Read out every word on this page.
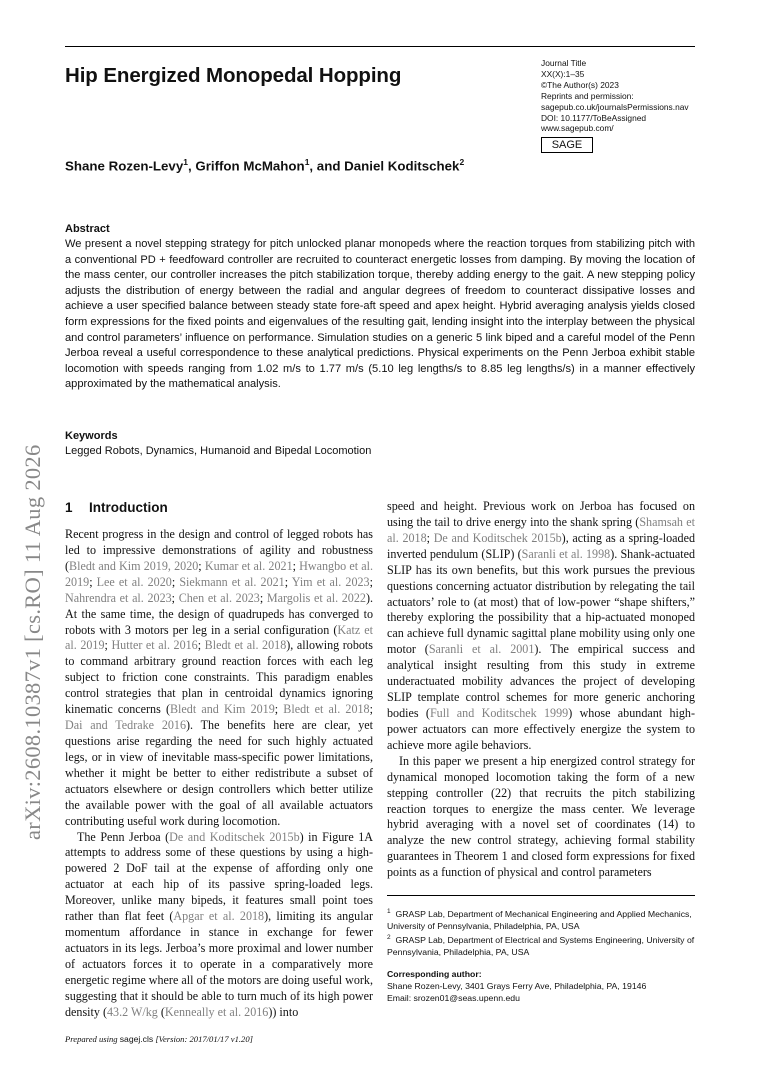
Hip Energized Monopedal Hopping
Journal Title
XX(X):1–35
©The Author(s) 2023
Reprints and permission:
sagepub.co.uk/journalsPermissions.nav
DOI: 10.1177/ToBeAssigned
www.sagepub.com/
SAGE
Shane Rozen-Levy$^1$, Griffon McMahon$^1$, and Daniel Koditschek$^2$
Abstract
We present a novel stepping strategy for pitch unlocked planar monopeds where the reaction torques from stabilizing pitch with a conventional PD + feedfoward controller are recruited to counteract energetic losses from damping. By moving the location of the mass center, our controller increases the pitch stabilization torque, thereby adding energy to the gait. A new stepping policy adjusts the distribution of energy between the radial and angular degrees of freedom to counteract dissipative losses and achieve a user specified balance between steady state fore-aft speed and apex height. Hybrid averaging analysis yields closed form expressions for the fixed points and eigenvalues of the resulting gait, lending insight into the interplay between the physical and control parameters’ influence on performance. Simulation studies on a generic 5 link biped and a careful model of the Penn Jerboa reveal a useful correspondence to these analytical predictions. Physical experiments on the Penn Jerboa exhibit stable locomotion with speeds ranging from 1.02 m/s to 1.77 m/s (5.10 leg lengths/s to 8.85 leg lengths/s) in a manner effectively approximated by the mathematical analysis.
Keywords
Legged Robots, Dynamics, Humanoid and Bipedal Locomotion
arXiv:2608.10387v1 [cs.RO] 11 Aug 2026 1 Introduction

Recent progress in the design and control of legged robots has led to impressive demonstrations of agility and robustness (Bledt and Kim 2019, 2020; Kumar et al. 2021; Hwangbo et al. 2019; Lee et al. 2020; Siekmann et al. 2021; Yim et al. 2023; Nahrendra et al. 2023; Chen et al. 2023; Margolis et al. 2022). At the same time, the design of quadrupeds has converged to robots with 3 motors per leg in a serial configuration (Katz et al. 2019; Hutter et al. 2016; Bledt et al. 2018), allowing robots to command arbitrary ground reaction forces with each leg subject to friction cone constraints. This paradigm enables control strategies that plan in centroidal dynamics ignoring kinematic concerns (Bledt and Kim 2019; Bledt et al. 2018; Dai and Tedrake 2016). The benefits here are clear, yet questions arise regarding the need for such highly actuated legs, or in view of inevitable mass-specific power limitations, whether it might be better to either redistribute a subset of actuators elsewhere or design controllers which better utilize the available power with the goal of all available actuators contributing useful work during locomotion.

The Penn Jerboa (De and Koditschek 2015b) in Figure 1A attempts to address some of these questions by using a high-powered 2 DoF tail at the expense of affording only one actuator at each hip of its passive spring-loaded legs. Moreover, unlike many bipeds, it features small point toes rather than flat feet (Apgar et al. 2018), limiting its angular momentum affordance in stance in exchange for fewer actuators in its legs. Jerboa’s more proximal and lower number of actuators forces it to operate in a comparatively more energetic regime where all of the motors are doing useful work, suggesting that it should be able to turn much of its high power density (43.2 W/kg (Kenneally et al. 2016)) into

speed and height. Previous work on Jerboa has focused on using the tail to drive energy into the shank spring (Shamsah et al. 2018; De and Koditschek 2015b), acting as a spring-loaded inverted pendulum (SLIP) (Saranli et al. 1998). Shank-actuated SLIP has its own benefits, but this work pursues the previous questions concerning actuator distribution by relegating the tail actuators’ role to (at most) that of low-power “shape shifters,” thereby exploring the possibility that a hip-actuated monoped can achieve full dynamic sagittal plane mobility using only one motor (Saranli et al. 2001). The empirical success and analytical insight resulting from this study in extreme underactuated mobility advances the project of developing SLIP template control schemes for more generic anchoring bodies (Full and Koditschek 1999) whose abundant high-power actuators can more effectively energize the system to achieve more agile behaviors.

In this paper we present a hip energized control strategy for dynamical monoped locomotion taking the form of a new stepping controller (22) that recruits the pitch stabilizing reaction torques to energize the mass center. We leverage hybrid averaging with a novel set of coordinates (14) to analyze the new control strategy, achieving formal stability guarantees in Theorem 1 and closed form expressions for fixed points as a function of physical and control parameters

$^1$ GRASP Lab, Department of Mechanical Engineering and Applied Mechanics, University of Pennsylvania, Philadelphia, PA, USA

$^2$ GRASP Lab, Department of Electrical and Systems Engineering, University of Pennsylvania, Philadelphia, PA, USA

Corresponding author:

Shane Rozen-Levy, 3401 Grays Ferry Ave, Philadelphia, PA, 19146

Email: srozen01@seas.upenn.edu

Prepared using sagej.cls [Version: 2017/01/17 v1.20]
